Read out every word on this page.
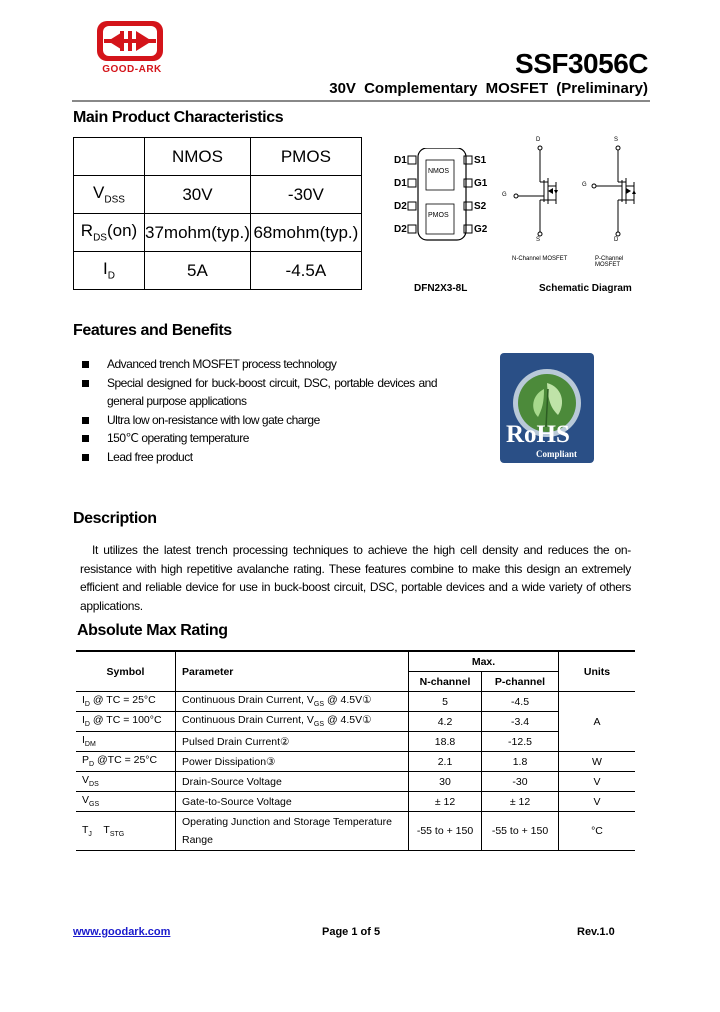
GOOD-ARK	SSF3056C
30V Complementary MOSFET (Preliminary)
Main Product Characteristics
	NMOS	PMOS
$V_{DSS}$	30V	-30V
$R_{DS}(on)$	37mohm(typ.)	68mohm(typ.)
$I_D$	5A	-4.5A
D1
D1
D2
D2
S1
G1
S2
G2
NMOS
PMOS
DFN2X3-8L
D
G
S
S
G
D
N-Channel MOSFET	P-Channel MOSFET
Schematic Diagram
Features and Benefits
Advanced trench MOSFET process technology
Special designed for buck-boost circuit, DSC, portable devices and general purpose applications
Ultra low on-resistance with low gate charge
150℃ operating temperature
Lead free product
RoHS
Compliant
Description
It utilizes the latest trench processing techniques to achieve the high cell density and reduces the on-resistance with high repetitive avalanche rating. These features combine to make this design an extremely efficient and reliable device for use in buck-boost circuit, DSC, portable devices and a wide variety of others applications.
Absolute Max Rating
Symbol	Parameter	Max.		Units
		N-channel	P-channel	
$I_D$ @ TC = 25°C	Continuous Drain Current, $V_{GS}$ @ 4.5V①	5	-4.5	A
$I_D$ @ TC = 100°C	Continuous Drain Current, $V_{GS}$ @ 4.5V①	4.2	-3.4	
$I_{DM}$	Pulsed Drain Current②	18.8	-12.5	
$P_D$ @TC = 25°C	Power Dissipation③	2.1	1.8	W
$V_{DS}$	Drain-Source Voltage	30	-30	V
$V_{GS}$	Gate-to-Source Voltage	± 12	± 12	V
$T_J$    $T_{STG}$	Operating Junction and Storage Temperature Range	-55 to + 150	-55 to + 150	°C
www.goodark.com	Page 1 of 5	Rev.1.0
